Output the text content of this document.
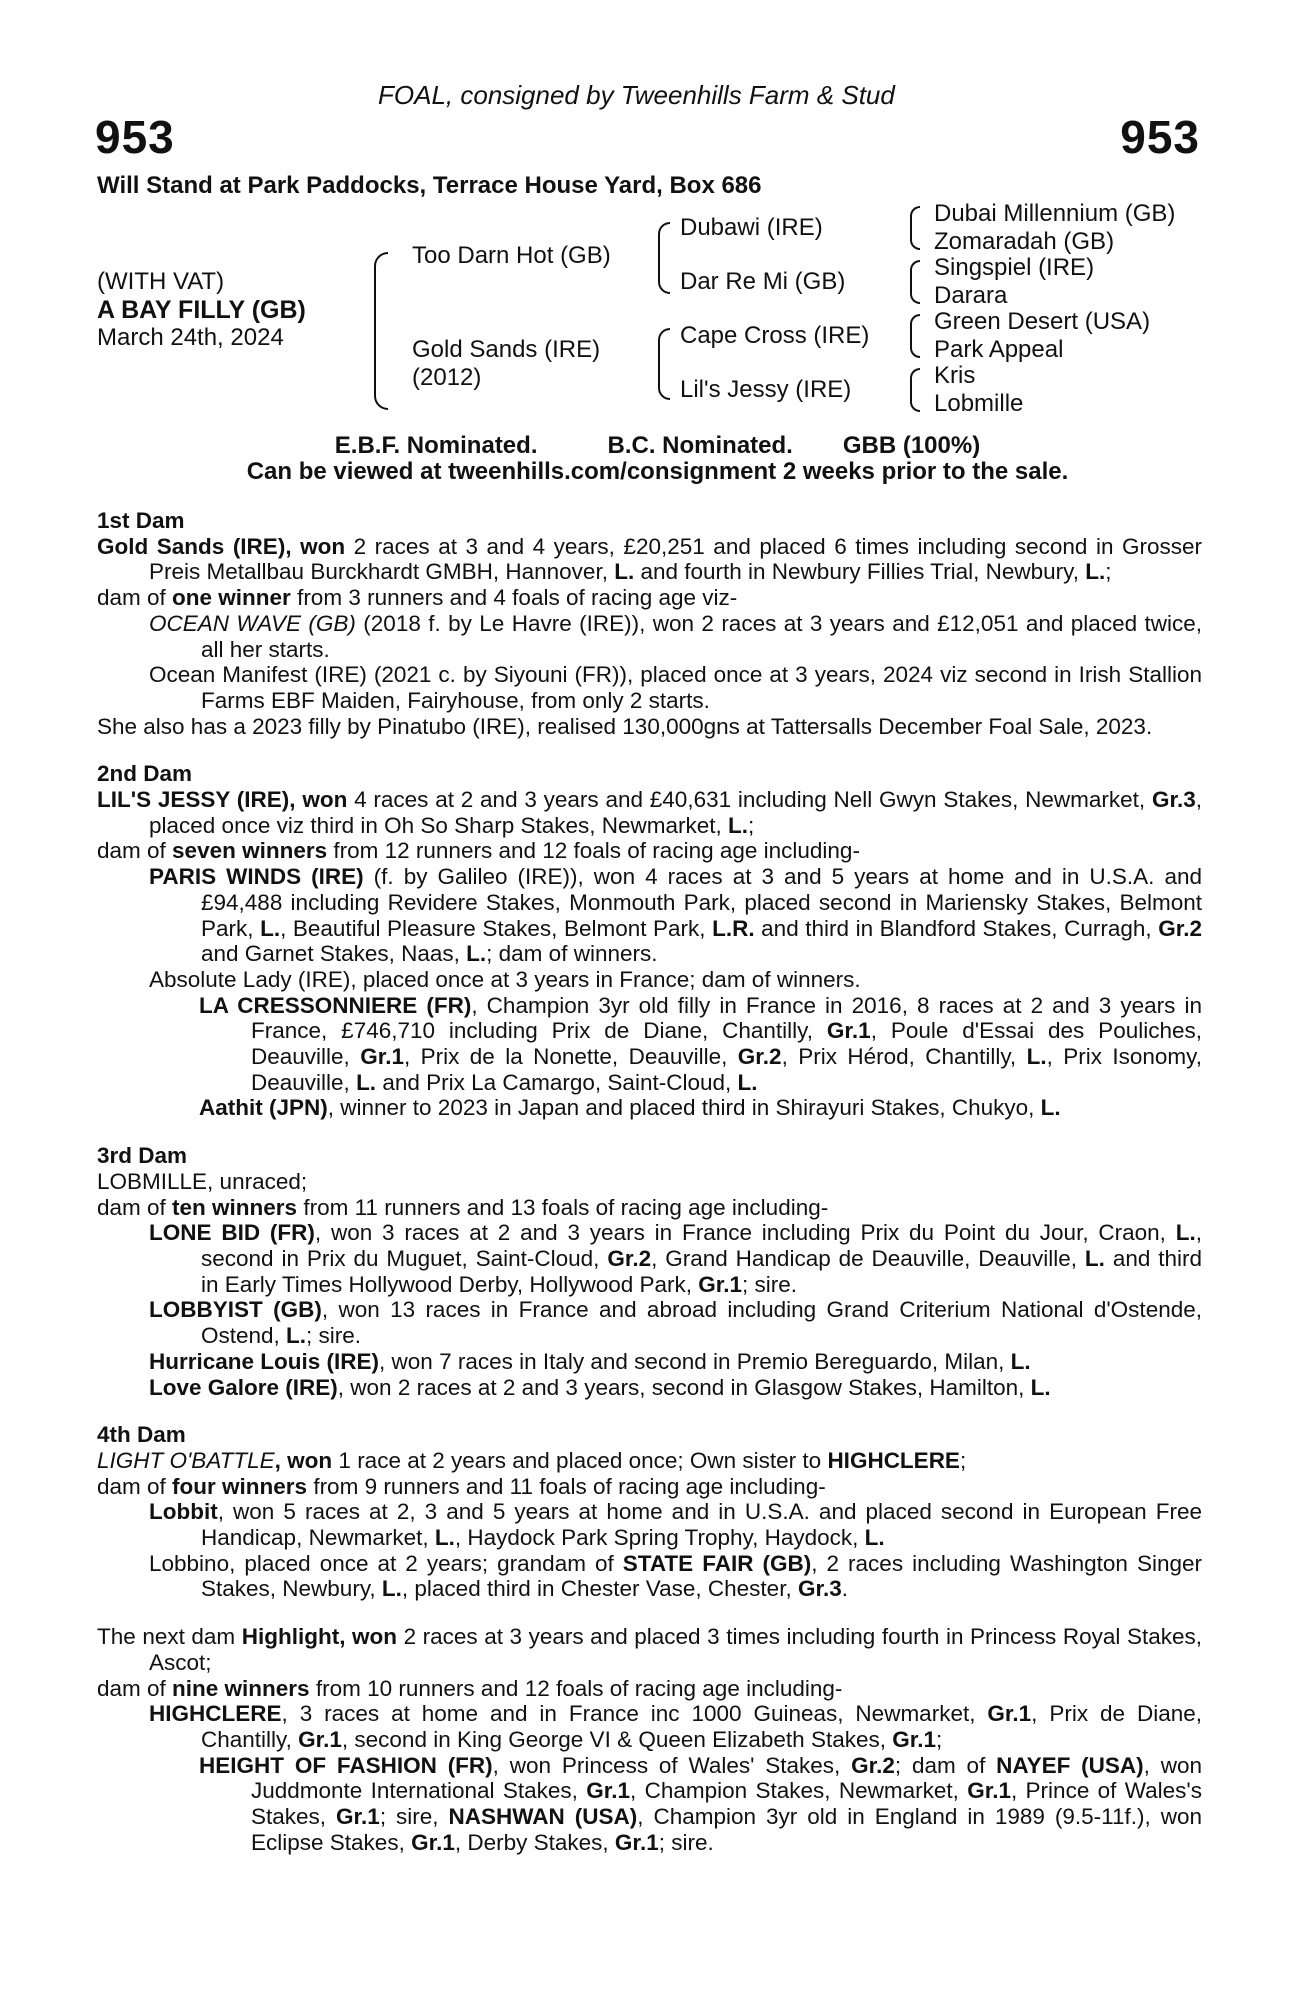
FOAL, consigned by Tweenhills Farm & Stud
953	953
Will Stand at Park Paddocks, Terrace House Yard, Box 686
(WITH VAT)
A BAY FILLY (GB)
March 24th, 2024
Too Darn Hot (GB)
Gold Sands (IRE)
(2012)
Dubawi (IRE)
Dar Re Mi (GB)
Cape Cross (IRE)
Lil's Jessy (IRE)
Dubai Millennium (GB)
Zomaradah (GB)
Singspiel (IRE)
Darara
Green Desert (USA)
Park Appeal
Kris
Lobmille
E.B.F. Nominated.	B.C. Nominated. GBB (100%)
Can be viewed at tweenhills.com/consignment 2 weeks prior to the sale.

1st Dam

Gold Sands (IRE), won 2 races at 3 and 4 years, £20,251 and placed 6 times including second in Grosser Preis Metallbau Burckhardt GMBH, Hannover, L. and fourth in Newbury Fillies Trial, Newbury, L.;

dam of one winner from 3 runners and 4 foals of racing age viz-

OCEAN WAVE (GB) (2018 f. by Le Havre (IRE)), won 2 races at 3 years and £12,051 and placed twice, all her starts.

Ocean Manifest (IRE) (2021 c. by Siyouni (FR)), placed once at 3 years, 2024 viz second in Irish Stallion Farms EBF Maiden, Fairyhouse, from only 2 starts.

She also has a 2023 filly by Pinatubo (IRE), realised 130,000gns at Tattersalls December Foal Sale, 2023.

2nd Dam

LIL'S JESSY (IRE), won 4 races at 2 and 3 years and £40,631 including Nell Gwyn Stakes, Newmarket, Gr.3, placed once viz third in Oh So Sharp Stakes, Newmarket, L.;

dam of seven winners from 12 runners and 12 foals of racing age including-

PARIS WINDS (IRE) (f. by Galileo (IRE)), won 4 races at 3 and 5 years at home and in U.S.A. and £94,488 including Revidere Stakes, Monmouth Park, placed second in Mariensky Stakes, Belmont Park, L., Beautiful Pleasure Stakes, Belmont Park, L.R. and third in Blandford Stakes, Curragh, Gr.2 and Garnet Stakes, Naas, L.; dam of winners.

Absolute Lady (IRE), placed once at 3 years in France; dam of winners.

LA CRESSONNIERE (FR), Champion 3yr old filly in France in 2016, 8 races at 2 and 3 years in France, £746,710 including Prix de Diane, Chantilly, Gr.1, Poule d'Essai des Pouliches, Deauville, Gr.1, Prix de la Nonette, Deauville, Gr.2, Prix Hérod, Chantilly, L., Prix Isonomy, Deauville, L. and Prix La Camargo, Saint-Cloud, L.

Aathit (JPN), winner to 2023 in Japan and placed third in Shirayuri Stakes, Chukyo, L.

3rd Dam

LOBMILLE, unraced;

dam of ten winners from 11 runners and 13 foals of racing age including-

LONE BID (FR), won 3 races at 2 and 3 years in France including Prix du Point du Jour, Craon, L., second in Prix du Muguet, Saint-Cloud, Gr.2, Grand Handicap de Deauville, Deauville, L. and third in Early Times Hollywood Derby, Hollywood Park, Gr.1; sire.

LOBBYIST (GB), won 13 races in France and abroad including Grand Criterium National d'Ostende, Ostend, L.; sire.

Hurricane Louis (IRE), won 7 races in Italy and second in Premio Bereguardo, Milan, L.

Love Galore (IRE), won 2 races at 2 and 3 years, second in Glasgow Stakes, Hamilton, L.

4th Dam

LIGHT O'BATTLE, won 1 race at 2 years and placed once; Own sister to HIGHCLERE;

dam of four winners from 9 runners and 11 foals of racing age including-

Lobbit, won 5 races at 2, 3 and 5 years at home and in U.S.A. and placed second in European Free Handicap, Newmarket, L., Haydock Park Spring Trophy, Haydock, L.

Lobbino, placed once at 2 years; grandam of STATE FAIR (GB), 2 races including Washington Singer Stakes, Newbury, L., placed third in Chester Vase, Chester, Gr.3.

The next dam Highlight, won 2 races at 3 years and placed 3 times including fourth in Princess Royal Stakes, Ascot;

dam of nine winners from 10 runners and 12 foals of racing age including-

HIGHCLERE, 3 races at home and in France inc 1000 Guineas, Newmarket, Gr.1, Prix de Diane, Chantilly, Gr.1, second in King George VI & Queen Elizabeth Stakes, Gr.1;

HEIGHT OF FASHION (FR), won Princess of Wales' Stakes, Gr.2; dam of NAYEF (USA), won Juddmonte International Stakes, Gr.1, Champion Stakes, Newmarket, Gr.1, Prince of Wales's Stakes, Gr.1; sire, NASHWAN (USA), Champion 3yr old in England in 1989 (9.5-11f.), won Eclipse Stakes, Gr.1, Derby Stakes, Gr.1; sire.
